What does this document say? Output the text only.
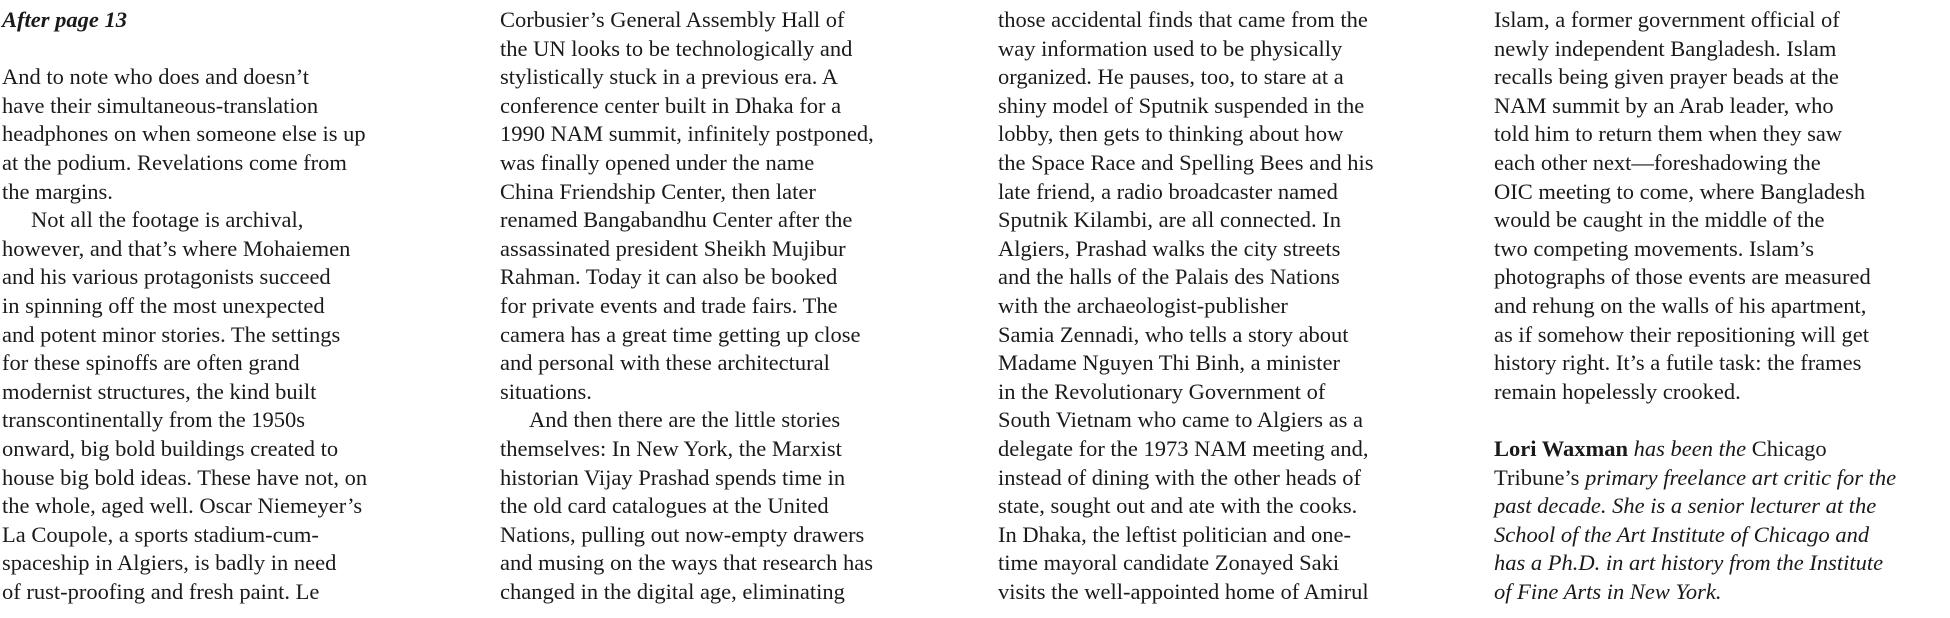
After page 13
And to note who does and doesn’t
have their simultaneous-translation
headphones on when someone else is up
at the podium. Revelations come from
the margins.
Not all the footage is archival,
however, and that’s where Mohaiemen
and his various protagonists succeed
in spinning off the most unexpected
and potent minor stories. The settings
for these spinoffs are often grand
modernist structures, the kind built
transcontinentally from the 1950s
onward, big bold buildings created to
house big bold ideas. These have not, on
the whole, aged well. Oscar Niemeyer’s
La Coupole, a sports stadium-cum-
spaceship in Algiers, is badly in need
of rust-proofing and fresh paint. Le
Corbusier’s General Assembly Hall of
the UN looks to be technologically and
stylistically stuck in a previous era. A
conference center built in Dhaka for a
1990 NAM summit, infinitely postponed,
was finally opened under the name
China Friendship Center, then later
renamed Bangabandhu Center after the
assassinated president Sheikh Mujibur
Rahman. Today it can also be booked
for private events and trade fairs. The
camera has a great time getting up close
and personal with these architectural
situations.
And then there are the little stories
themselves: In New York, the Marxist
historian Vijay Prashad spends time in
the old card catalogues at the United
Nations, pulling out now-empty drawers
and musing on the ways that research has
changed in the digital age, eliminating
those accidental finds that came from the
way information used to be physically
organized. He pauses, too, to stare at a
shiny model of Sputnik suspended in the
lobby, then gets to thinking about how
the Space Race and Spelling Bees and his
late friend, a radio broadcaster named
Sputnik Kilambi, are all connected. In
Algiers, Prashad walks the city streets
and the halls of the Palais des Nations
with the archaeologist-publisher
Samia Zennadi, who tells a story about
Madame Nguyen Thi Binh, a minister
in the Revolutionary Government of
South Vietnam who came to Algiers as a
delegate for the 1973 NAM meeting and,
instead of dining with the other heads of
state, sought out and ate with the cooks.
In Dhaka, the leftist politician and one-
time mayoral candidate Zonayed Saki
visits the well-appointed home of Amirul
Islam, a former government official of
newly independent Bangladesh. Islam
recalls being given prayer beads at the
NAM summit by an Arab leader, who
told him to return them when they saw
each other next—foreshadowing the
OIC meeting to come, where Bangladesh
would be caught in the middle of the
two competing movements. Islam’s
photographs of those events are measured
and rehung on the walls of his apartment,
as if somehow their repositioning will get
history right. It’s a futile task: the frames
remain hopelessly crooked.
Lori Waxman has been the Chicago
Tribune’s primary freelance art critic for the
past decade. She is a senior lecturer at the
School of the Art Institute of Chicago and
has a Ph.D. in art history from the Institute
of Fine Arts in New York.
